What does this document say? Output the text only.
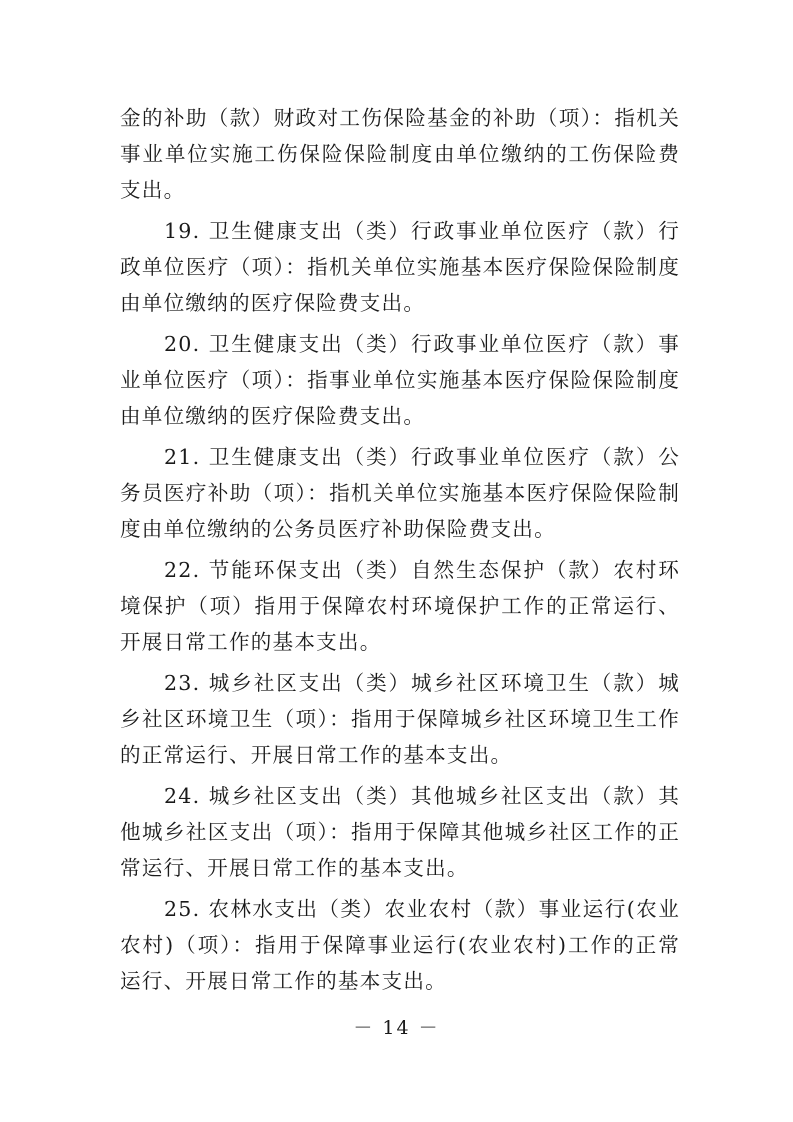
金的补助（款）财政对工伤保险基金的补助（项）：指机关事业单位实施工伤保险保险制度由单位缴纳的工伤保险费支出。

19. 卫生健康支出（类）行政事业单位医疗（款）行政单位医疗（项）：指机关单位实施基本医疗保险保险制度由单位缴纳的医疗保险费支出。

20. 卫生健康支出（类）行政事业单位医疗（款）事业单位医疗（项）：指事业单位实施基本医疗保险保险制度由单位缴纳的医疗保险费支出。

21. 卫生健康支出（类）行政事业单位医疗（款）公务员医疗补助（项）：指机关单位实施基本医疗保险保险制度由单位缴纳的公务员医疗补助保险费支出。

22. 节能环保支出（类）自然生态保护（款）农村环境保护（项）指用于保障农村环境保护工作的正常运行、开展日常工作的基本支出。

23. 城乡社区支出（类）城乡社区环境卫生（款）城乡社区环境卫生（项）：指用于保障城乡社区环境卫生工作的正常运行、开展日常工作的基本支出。

24. 城乡社区支出（类）其他城乡社区支出（款）其他城乡社区支出（项）：指用于保障其他城乡社区工作的正常运行、开展日常工作的基本支出。

25. 农林水支出（类）农业农村（款）事业运行(农业农村)（项）：指用于保障事业运行(农业农村)工作的正常运行、开展日常工作的基本支出。

－ 14 －
